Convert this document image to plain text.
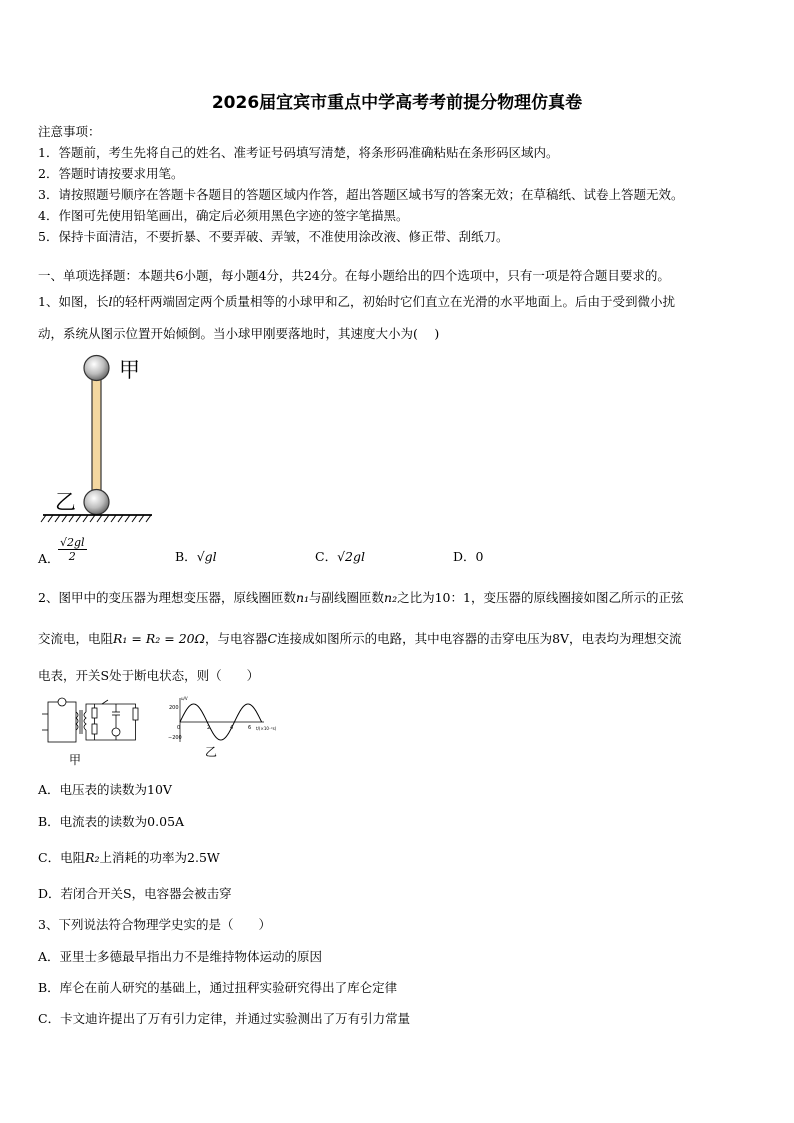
2026届宜宾市重点中学高考考前提分物理仿真卷
注意事项：
1．答题前，考生先将自己的姓名、准考证号码填写清楚，将条形码准确粘贴在条形码区域内。
2．答题时请按要求用笔。
3．请按照题号顺序在答题卡各题目的答题区域内作答，超出答题区域书写的答案无效；在草稿纸、试卷上答题无效。
4．作图可先使用铅笔画出，确定后必须用黑色字迹的签字笔描黑。
5．保持卡面清洁，不要折暴、不要弄破、弄皱，不准使用涂改液、修正带、刮纸刀。
一、单项选择题：本题共6小题，每小题4分，共24分。在每小题给出的四个选项中，只有一项是符合题目要求的。
1、如图，长l的轻杆两端固定两个质量相等的小球甲和乙，初始时它们直立在光滑的水平地面上。后由于受到微小扰
动，系统从图示位置开始倾倒。当小球甲刚要落地时，其速度大小为(　 )
甲
乙
A．
$\frac{√2gl}{2}$	B．√gl	C．√2gl	D．0
2、图甲中的变压器为理想变压器，原线圈匝数n₁与副线圈匝数n₂之比为10：1，变压器的原线圈接如图乙所示的正弦
交流电，电阻R₁ = R₂ = 20Ω，与电容器C连接成如图所示的电路，其中电容器的击穿电压为8V，电表均为理想交流
电表，开关S处于断电状态，则（　　）
甲
u/V
200
−200
t/(×10⁻²s)
0	2	4	6
乙
A．电压表的读数为10V
B．电流表的读数为0.05A
C．电阻R₂上消耗的功率为2.5W
D．若闭合开关S，电容器会被击穿
3、下列说法符合物理学史实的是（　　）
A．亚里士多德最早指出力不是维持物体运动的原因
B．库仑在前人研究的基础上，通过扭秤实验研究得出了库仑定律
C．卡文迪许提出了万有引力定律，并通过实验测出了万有引力常量
